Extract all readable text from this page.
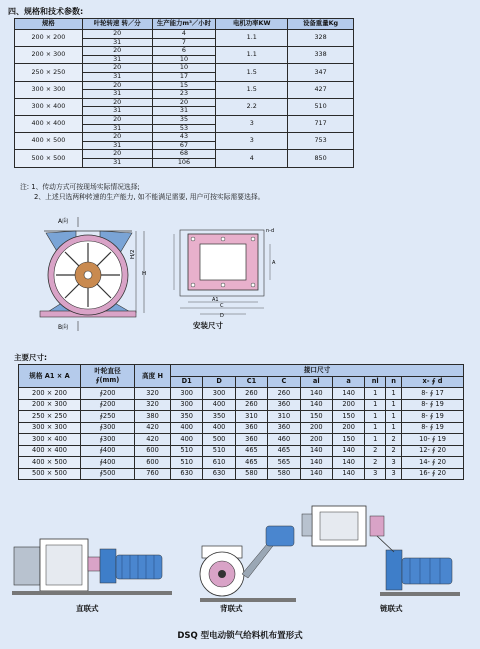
四、规格和技术参数:
规格	叶轮转速 转／分	生产能力m³／小时	电机功率KW	设备重量Kg
200 × 200	20	4	1.1	328
	31	7		
200 × 300	20	6	1.1	338
	31	10		
250 × 250	20	10	1.5	347
	31	17		
300 × 300	20	15	1.5	427
	31	23		
300 × 400	20	20	2.2	510
	31	31		
400 × 400	20	35	3	717
	31	53		
400 × 500	20	43	3	753
	31	67		
500 × 500	20	68	4	850
	31	106		
注: 1、传动方式可按现场实际情况选择;
2、上述只选两种转速的生产能力, 如不能满足需要, 用户可按实际需要选择。
A向
B向
H/2
H
A1
C
D
A
n-d
安装尺寸
主要尺寸:
规格 A1 × A	叶轮直径
∮(mm)	高度 H	接口尺寸								
			D1	D	C1	C	al	a	nl	n	x- ∮ d
200 × 200	∮200	320	300	300	260	260	140	140	1	1	8- ∮ 17
200 × 300	∮200	320	300	400	260	360	140	200	1	1	8- ∮ 19
250 × 250	∮250	380	350	350	310	310	150	150	1	1	8- ∮ 19
300 × 300	∮300	420	400	400	360	360	200	200	1	1	8- ∮ 19
300 × 400	∮300	420	400	500	360	460	200	150	1	2	10- ∮ 19
400 × 400	∮400	600	510	510	465	465	140	140	2	2	12- ∮ 20
400 × 500	∮400	600	510	610	465	565	140	140	2	3	14- ∮ 20
500 × 500	∮500	760	630	630	580	580	140	140	3	3	16- ∮ 20
直联式	背联式	链联式
DSQ 型电动锁气给料机布置形式
